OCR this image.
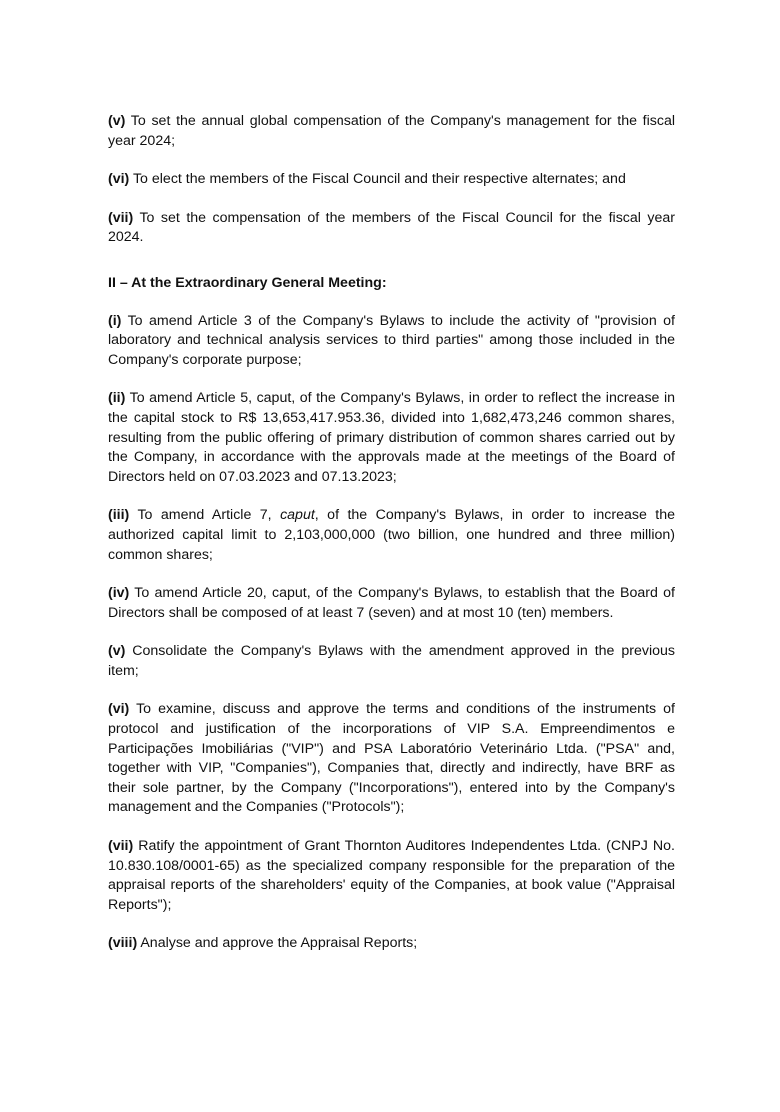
(v) To set the annual global compensation of the Company's management for the fiscal year 2024;

(vi) To elect the members of the Fiscal Council and their respective alternates; and

(vii) To set the compensation of the members of the Fiscal Council for the fiscal year 2024.

II – At the Extraordinary General Meeting:

(i) To amend Article 3 of the Company's Bylaws to include the activity of "provision of laboratory and technical analysis services to third parties" among those included in the Company's corporate purpose;

(ii) To amend Article 5, caput, of the Company's Bylaws, in order to reflect the increase in the capital stock to R$ 13,653,417.953.36, divided into 1,682,473,246 common shares, resulting from the public offering of primary distribution of common shares carried out by the Company, in accordance with the approvals made at the meetings of the Board of Directors held on 07.03.2023 and 07.13.2023;

(iii) To amend Article 7, caput, of the Company's Bylaws, in order to increase the authorized capital limit to 2,103,000,000 (two billion, one hundred and three million) common shares;

(iv) To amend Article 20, caput, of the Company's Bylaws, to establish that the Board of Directors shall be composed of at least 7 (seven) and at most 10 (ten) members.

(v) Consolidate the Company's Bylaws with the amendment approved in the previous item;

(vi) To examine, discuss and approve the terms and conditions of the instruments of protocol and justification of the incorporations of VIP S.A. Empreendimentos e Participações Imobiliárias ("VIP") and PSA Laboratório Veterinário Ltda. ("PSA" and, together with VIP, "Companies"), Companies that, directly and indirectly, have BRF as their sole partner, by the Company ("Incorporations"), entered into by the Company's management and the Companies ("Protocols");

(vii) Ratify the appointment of Grant Thornton Auditores Independentes Ltda. (CNPJ No. 10.830.108/0001-65) as the specialized company responsible for the preparation of the appraisal reports of the shareholders' equity of the Companies, at book value ("Appraisal Reports");

(viii) Analyse and approve the Appraisal Reports;
